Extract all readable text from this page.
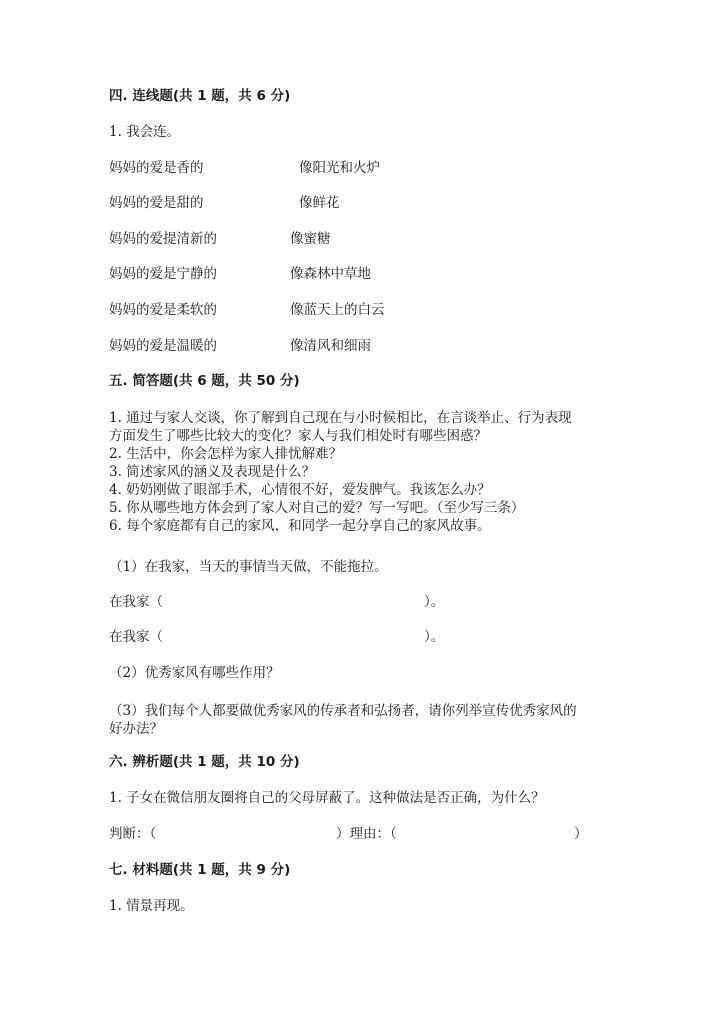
四. 连线题(共 1 题，共 6 分)
1. 我会连。
妈妈的爱是香的	像阳光和火炉
妈妈的爱是甜的	像鲜花
妈妈的爱提清新的	像蜜糖
妈妈的爱是宁静的	像森林中草地
妈妈的爱是柔软的	像蓝天上的白云
妈妈的爱是温暖的	像清风和细雨
五. 简答题(共 6 题，共 50 分)
1. 通过与家人交谈，你了解到自己现在与小时候相比，在言谈举止、行为表现
方面发生了哪些比较大的变化？家人与我们相处时有哪些困惑？
2. 生活中，你会怎样为家人排忧解难？
3. 简述家风的涵义及表现是什么？
4. 奶奶刚做了眼部手术，心情很不好，爱发脾气。我该怎么办？
5. 你从哪些地方体会到了家人对自己的爱？写一写吧。（至少写三条）
6. 每个家庭都有自己的家风，和同学一起分享自己的家风故事。
（1）在我家，当天的事情当天做，不能拖拉。
在我家（	）。
在我家（	）。
（2）优秀家风有哪些作用？
（3）我们每个人都要做优秀家风的传承者和弘扬者，请你列举宣传优秀家风的
好办法？
六. 辨析题(共 1 题，共 10 分)
1. 子女在微信朋友圈将自己的父母屏蔽了。这种做法是否正确，为什么？
判断：（	）理由：（	）
七. 材料题(共 1 题，共 9 分)
1. 情景再现。
